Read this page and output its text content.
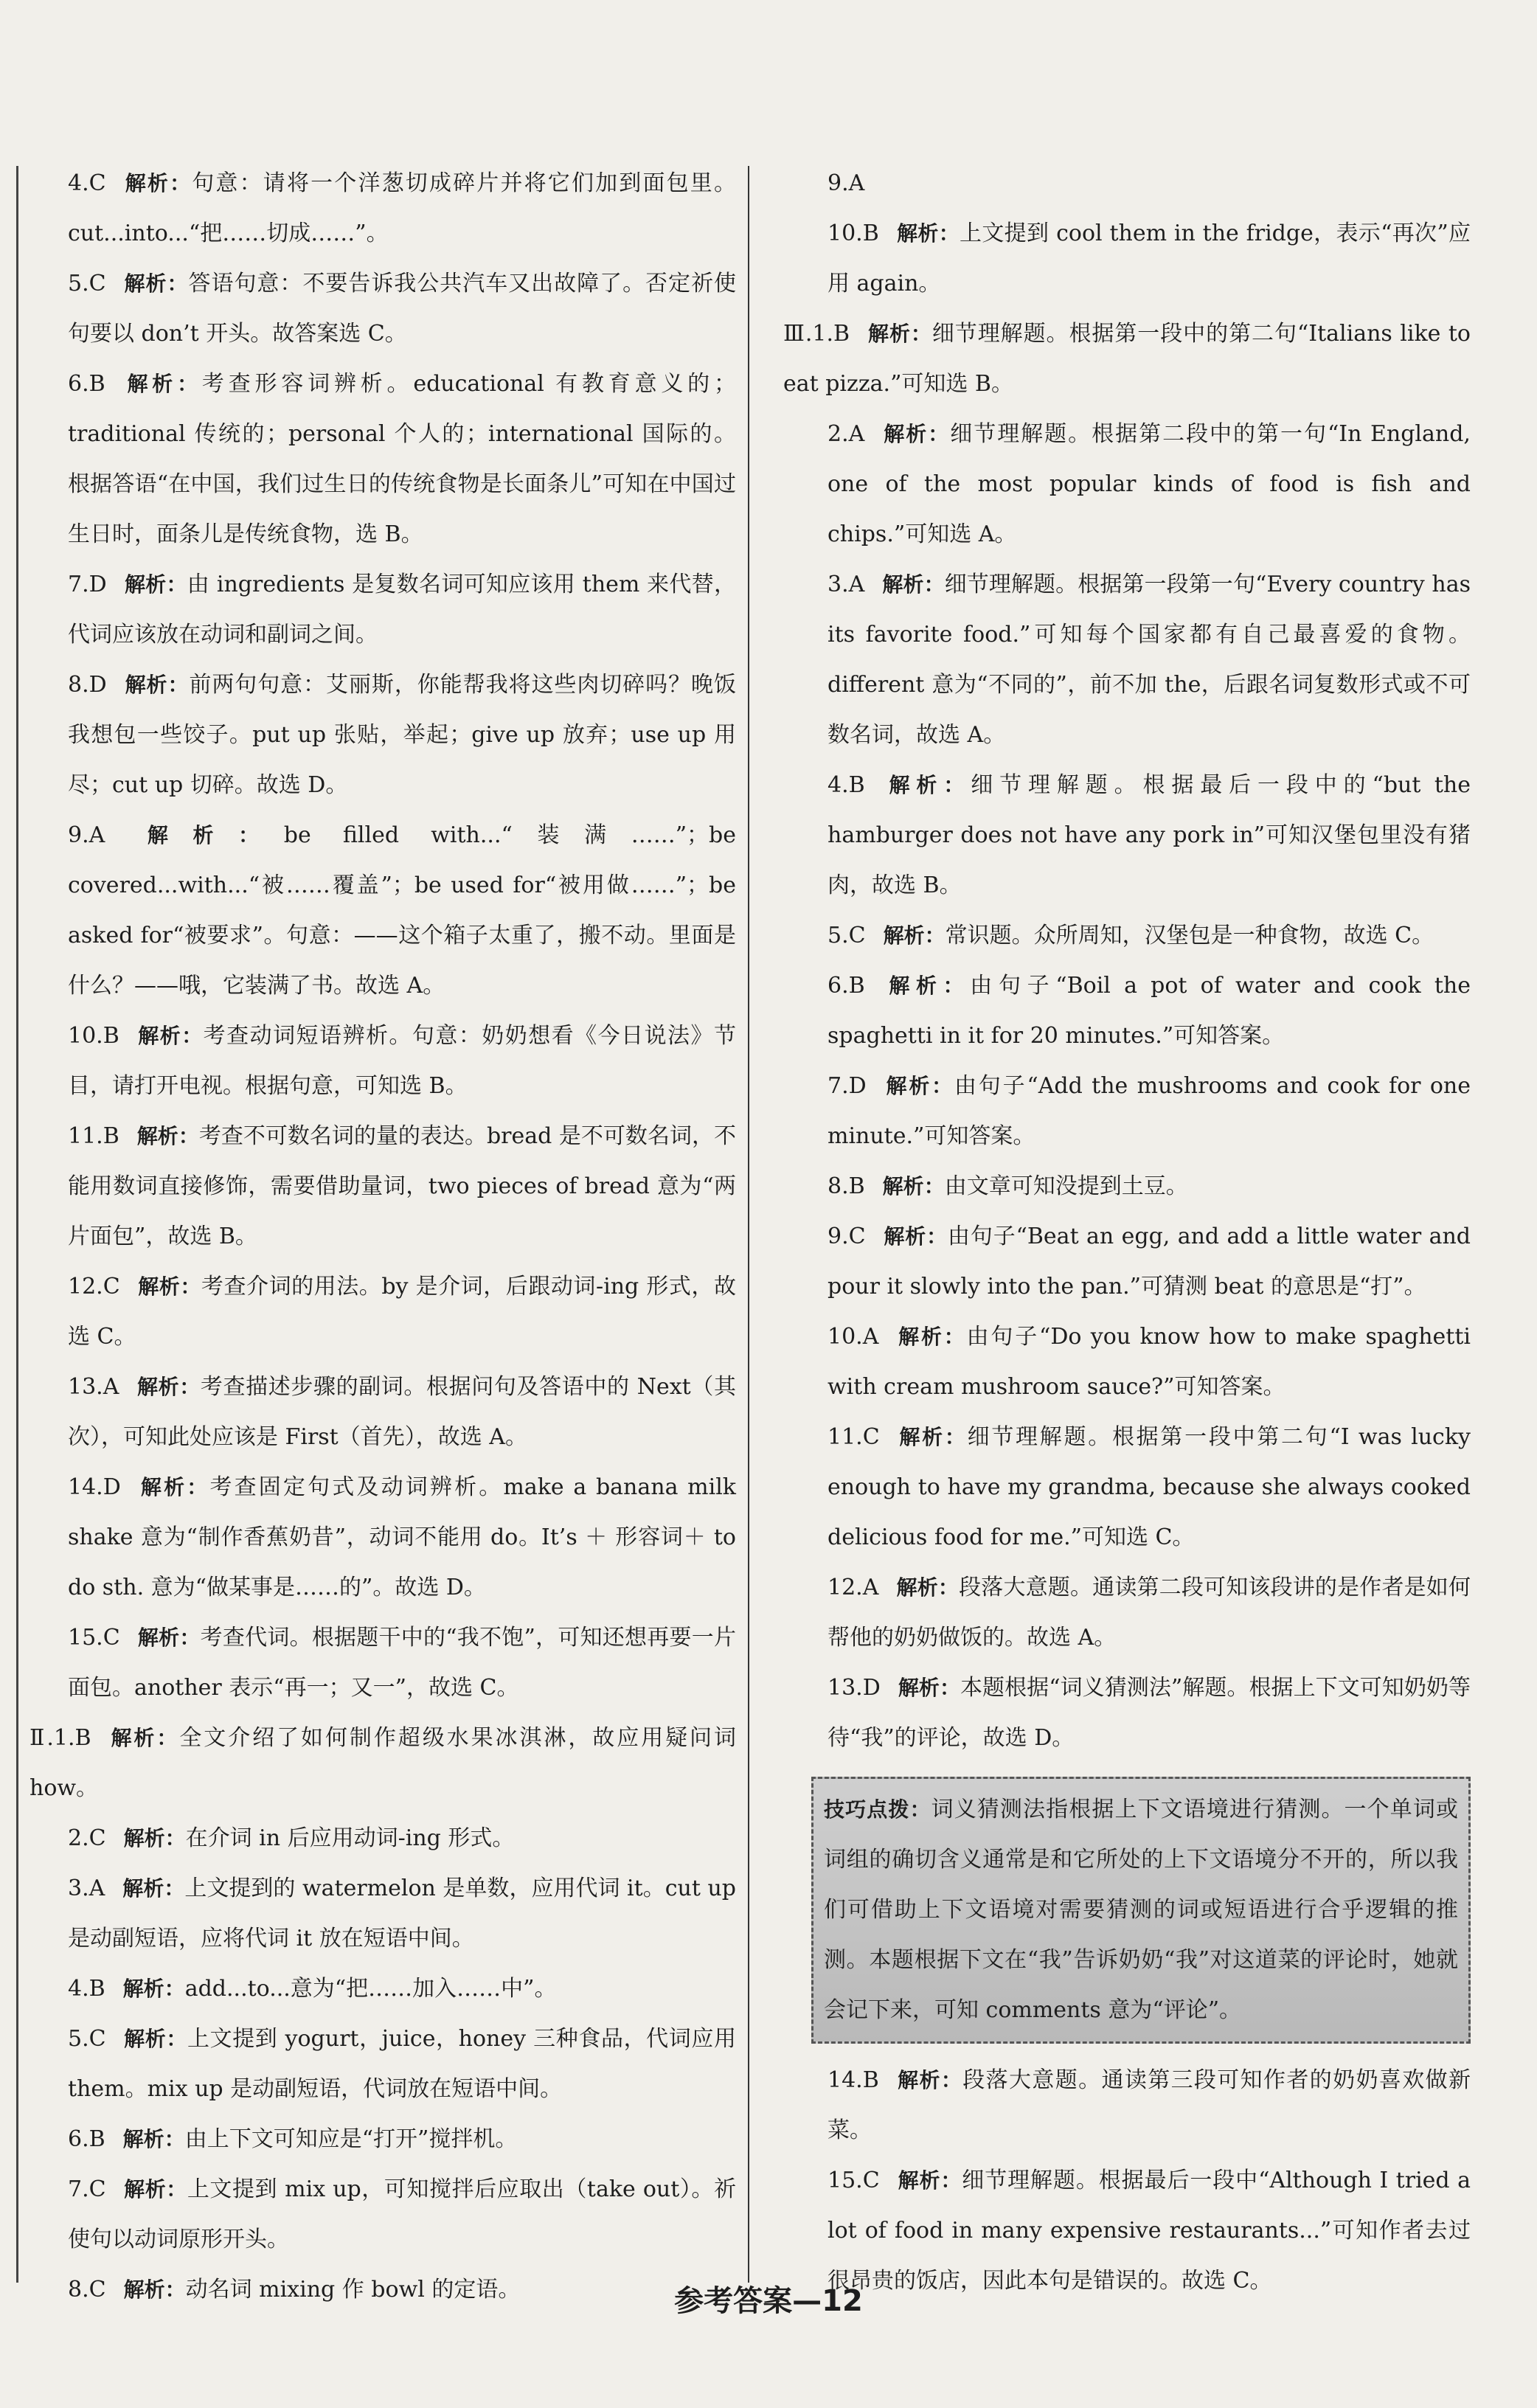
4.C 解析：句意：请将一个洋葱切成碎片并将它们加到面包里。cut...into...“把……切成……”。

5.C 解析：答语句意：不要告诉我公共汽车又出故障了。否定祈使句要以 don’t 开头。故答案选 C。

6.B 解析：考查形容词辨析。educational 有教育意义的；traditional 传统的；personal 个人的；international 国际的。根据答语“在中国，我们过生日的传统食物是长面条儿”可知在中国过生日时，面条儿是传统食物，选 B。

7.D 解析：由 ingredients 是复数名词可知应该用 them 来代替，代词应该放在动词和副词之间。

8.D 解析：前两句句意：艾丽斯，你能帮我将这些肉切碎吗？晚饭我想包一些饺子。put up 张贴，举起；give up 放弃；use up 用尽；cut up 切碎。故选 D。

9.A 解析：be filled with...“装满……”；be covered...with...“被……覆盖”；be used for“被用做……”；be asked for“被要求”。句意：——这个箱子太重了，搬不动。里面是什么？——哦，它装满了书。故选 A。

10.B 解析：考查动词短语辨析。句意：奶奶想看《今日说法》节目，请打开电视。根据句意，可知选 B。

11.B 解析：考查不可数名词的量的表达。bread 是不可数名词，不能用数词直接修饰，需要借助量词，two pieces of bread 意为“两片面包”，故选 B。

12.C 解析：考查介词的用法。by 是介词，后跟动词-ing 形式，故选 C。

13.A 解析：考查描述步骤的副词。根据问句及答语中的 Next（其次），可知此处应该是 First（首先），故选 A。

14.D 解析：考查固定句式及动词辨析。make a banana milk shake 意为“制作香蕉奶昔”，动词不能用 do。It’s ＋ 形容词＋ to do sth. 意为“做某事是……的”。故选 D。

15.C 解析：考查代词。根据题干中的“我不饱”，可知还想再要一片面包。another 表示“再一；又一”，故选 C。

Ⅱ.1.B 解析：全文介绍了如何制作超级水果冰淇淋，故应用疑问词 how。

2.C 解析：在介词 in 后应用动词-ing 形式。

3.A 解析：上文提到的 watermelon 是单数，应用代词 it。cut up 是动副短语，应将代词 it 放在短语中间。

4.B 解析：add...to...意为“把……加入……中”。

5.C 解析：上文提到 yogurt，juice，honey 三种食品，代词应用 them。mix up 是动副短语，代词放在短语中间。

6.B 解析：由上下文可知应是“打开”搅拌机。

7.C 解析：上文提到 mix up，可知搅拌后应取出（take out）。祈使句以动词原形开头。

8.C 解析：动名词 mixing 作 bowl 的定语。

9.A

10.B 解析：上文提到 cool them in the fridge，表示“再次”应用 again。

Ⅲ.1.B 解析：细节理解题。根据第一段中的第二句“Italians like to eat pizza.”可知选 B。

2.A 解析：细节理解题。根据第二段中的第一句“In England, one of the most popular kinds of food is fish and chips.”可知选 A。

3.A 解析：细节理解题。根据第一段第一句“Every country has its favorite food.”可知每个国家都有自己最喜爱的食物。different 意为“不同的”，前不加 the，后跟名词复数形式或不可数名词，故选 A。

4.B 解析：细节理解题。根据最后一段中的“but the hamburger does not have any pork in”可知汉堡包里没有猪肉，故选 B。

5.C 解析：常识题。众所周知，汉堡包是一种食物，故选 C。

6.B 解析：由句子“Boil a pot of water and cook the spaghetti in it for 20 minutes.”可知答案。

7.D 解析：由句子“Add the mushrooms and cook for one minute.”可知答案。

8.B 解析：由文章可知没提到土豆。

9.C 解析：由句子“Beat an egg, and add a little water and pour it slowly into the pan.”可猜测 beat 的意思是“打”。

10.A 解析：由句子“Do you know how to make spaghetti with cream mushroom sauce?”可知答案。

11.C 解析：细节理解题。根据第一段中第二句“I was lucky enough to have my grandma, because she always cooked delicious food for me.”可知选 C。

12.A 解析：段落大意题。通读第二段可知该段讲的是作者是如何帮他的奶奶做饭的。故选 A。

13.D 解析：本题根据“词义猜测法”解题。根据上下文可知奶奶等待“我”的评论，故选 D。

技巧点拨：词义猜测法指根据上下文语境进行猜测。一个单词或词组的确切含义通常是和它所处的上下文语境分不开的，所以我们可借助上下文语境对需要猜测的词或短语进行合乎逻辑的推测。本题根据下文在“我”告诉奶奶“我”对这道菜的评论时，她就会记下来，可知 comments 意为“评论”。

14.B 解析：段落大意题。通读第三段可知作者的奶奶喜欢做新菜。

15.C 解析：细节理解题。根据最后一段中“Although I tried a lot of food in many expensive restaurants...”可知作者去过很昂贵的饭店，因此本句是错误的。故选 C。

参考答案—12
